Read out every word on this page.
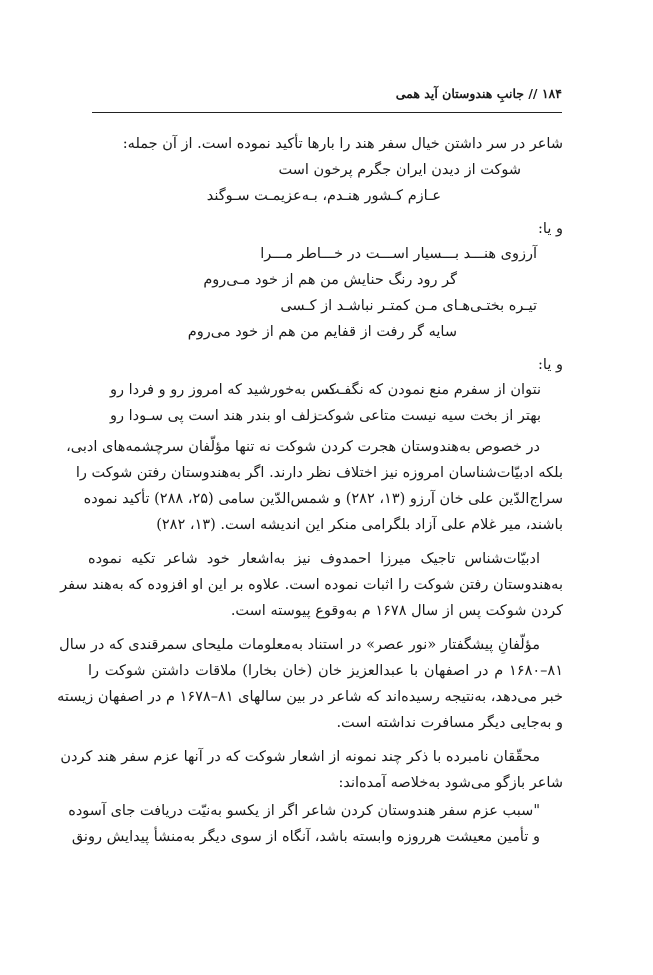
۱۸۴ // جانبِ هندوستان آید همی
شاعر در سر داشتن خیال سفر هند را بارها تأکید نموده است. از آن جمله:
شوکت از دیدن ایران جگرم پرخون است
عـازم کـشور هنـدم، بـه‌عزیمـت سـوگند
و یا:
آرزوی هنـــد بـــسیار اســـت در خـــاطر مـــرا
گر رود رنگ حنایش من هم از خود مـی‌روم
تیـره بختـی‌هـای مـن کمتـر نباشـد از کـسی
سایه گر رفت از قفایم من هم از خود می‌روم
و یا:
نتوان از سفرم منع نمودن که نگفـت
کس به‌خورشید که امروز رو و فردا رو
بهتر از بخت سیه نیست متاعی شوکت
زلف او بندر هند است پی سـودا رو
در خصوص به‌هندوستان هجرت کردن شوکت نه تنها مؤلّفان سرچشمه‌های ادبی،
بلکه ادبیّات‌شناسان امروزه نیز اختلاف نظر دارند. اگر به‌هندوستان رفتن شوکت را
سراج‌الدّین علی خان آرزو (۱۳، ۲۸۲) و شمس‌الدّین سامی (۲۵، ۲۸۸) تأکید نموده
باشند، میر غلام علی آزاد بلگرامی منکر این اندیشه است. (۱۳، ۲۸۲)
ادبیّات‌شناس تاجیک میرزا احمدوف نیز به‌اشعار خود شاعر تکیه نموده
به‌هندوستان رفتن شوکت را اثبات نموده است. علاوه بر این او افزوده که به‌هند سفر
کردن شوکت پس از سال ۱۶۷۸ م به‌وقوع پیوسته است.
مؤلّفانِ پیشگفتار «نور عصر» در استناد به‌معلومات ملیحای سمرقندی که در سال
۸۱–۱۶۸۰ م در اصفهان با عبدالعزیز خان (خان بخارا) ملاقات داشتن شوکت را
خبر می‌دهد، به‌نتیجه رسیده‌اند که شاعر در بین سالهای ۸۱–۱۶۷۸ م در اصفهان زیسته
و به‌جایی دیگر مسافرت نداشته است.
محقّقان نامبرده با ذکر چند نمونه از اشعار شوکت که در آنها عزم سفر هند کردن
شاعر بازگو می‌شود به‌خلاصه آمده‌اند:
"سبب عزم سفر هندوستان کردن شاعر اگر از یکسو به‌نیّت دریافت جای آسوده
و تأمین معیشت هرروزه وابسته باشد، آنگاه از سوی دیگر به‌منشأ پیدایش رونق
